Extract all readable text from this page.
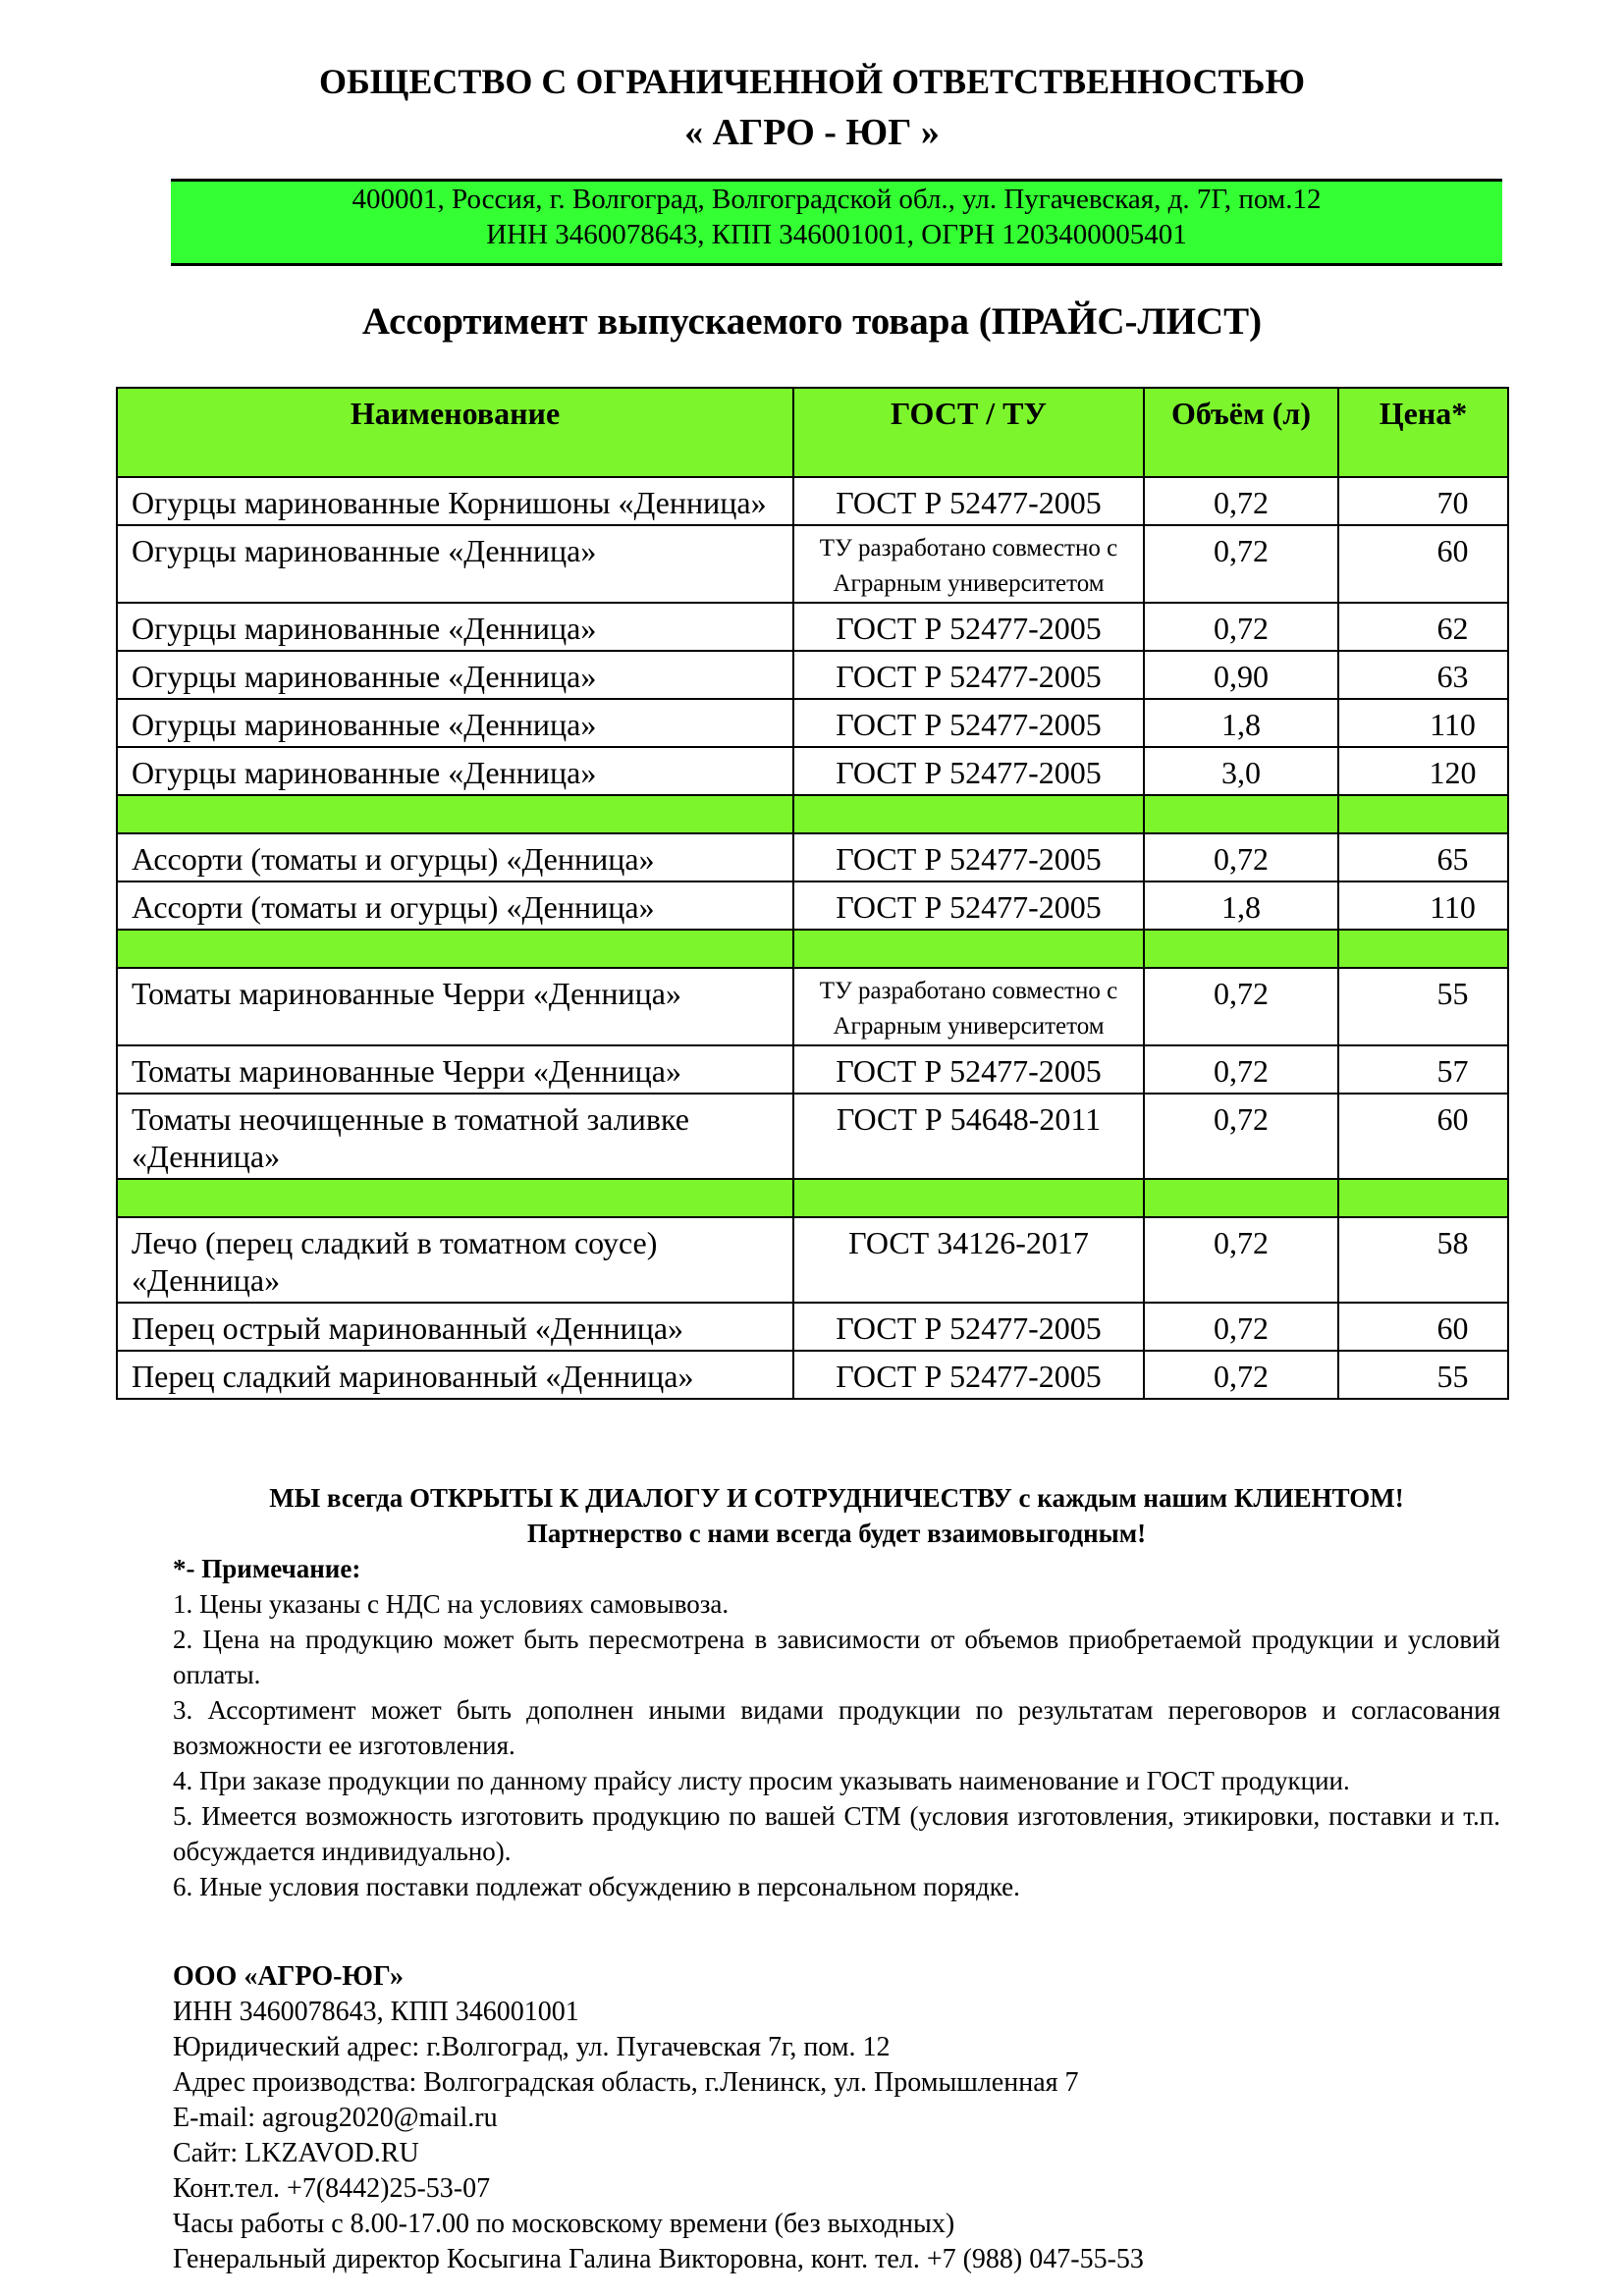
ОБЩЕСТВО С ОГРАНИЧЕННОЙ ОТВЕТСТВЕННОСТЬЮ
« АГРО - ЮГ »
400001, Россия, г. Волгоград, Волгоградской обл., ул. Пугачевская, д. 7Г, пом.12
ИНН 3460078643, КПП 346001001, ОГРН 1203400005401
Ассортимент выпускаемого товара (ПРАЙС-ЛИСТ)
Наименование	ГОСТ / ТУ	Объём (л)	Цена*
Огурцы маринованные Корнишоны «Денница»	ГОСТ Р 52477-2005	0,72	70
Огурцы маринованные «Денница»	ТУ разработано совместно с Аграрным университетом	0,72	60
Огурцы маринованные «Денница»	ГОСТ Р 52477-2005	0,72	62
Огурцы маринованные «Денница»	ГОСТ Р 52477-2005	0,90	63
Огурцы маринованные «Денница»	ГОСТ Р 52477-2005	1,8	110
Огурцы маринованные «Денница»	ГОСТ Р 52477-2005	3,0	120

Ассорти (томаты и огурцы) «Денница»	ГОСТ Р 52477-2005	0,72	65
Ассорти (томаты и огурцы) «Денница»	ГОСТ Р 52477-2005	1,8	110

Томаты маринованные Черри «Денница»	ТУ разработано совместно с Аграрным университетом	0,72	55
Томаты маринованные Черри «Денница»	ГОСТ Р 52477-2005	0,72	57
Томаты неочищенные в томатной заливке «Денница»	ГОСТ Р 54648-2011	0,72	60

Лечо (перец сладкий в томатном соусе) «Денница»	ГОСТ 34126-2017	0,72	58
Перец острый маринованный «Денница»	ГОСТ Р 52477-2005	0,72	60
Перец сладкий маринованный «Денница»	ГОСТ Р 52477-2005	0,72	55

МЫ всегда ОТКРЫТЫ К ДИАЛОГУ И СОТРУДНИЧЕСТВУ с каждым нашим КЛИЕНТОМ!

Партнерство с нами всегда будет взаимовыгодным!

*- Примечание:

1. Цены указаны с НДС на условиях самовывоза.

2. Цена на продукцию может быть пересмотрена в зависимости от объемов приобретаемой продукции и условий оплаты.

3. Ассортимент может быть дополнен иными видами продукции по результатам переговоров и согласования возможности ее изготовления.

4. При заказе продукции по данному прайсу листу просим указывать наименование и ГОСТ продукции.

5. Имеется возможность изготовить продукцию по вашей СТМ (условия изготовления, этикировки, поставки и т.п. обсуждается индивидуально).

6. Иные условия поставки подлежат обсуждению в персональном порядке.

ООО «АГРО-ЮГ»

ИНН 3460078643, КПП 346001001

Юридический адрес: г.Волгоград, ул. Пугачевская 7г, пом. 12

Адрес производства: Волгоградская область, г.Ленинск, ул. Промышленная 7

E-mail: agroug2020@mail.ru

Сайт: LKZAVOD.RU

Конт.тел. +7(8442)25-53-07

Часы работы с 8.00-17.00 по московскому времени (без выходных)

Генеральный директор Косыгина Галина Викторовна, конт. тел. +7 (988) 047-55-53
